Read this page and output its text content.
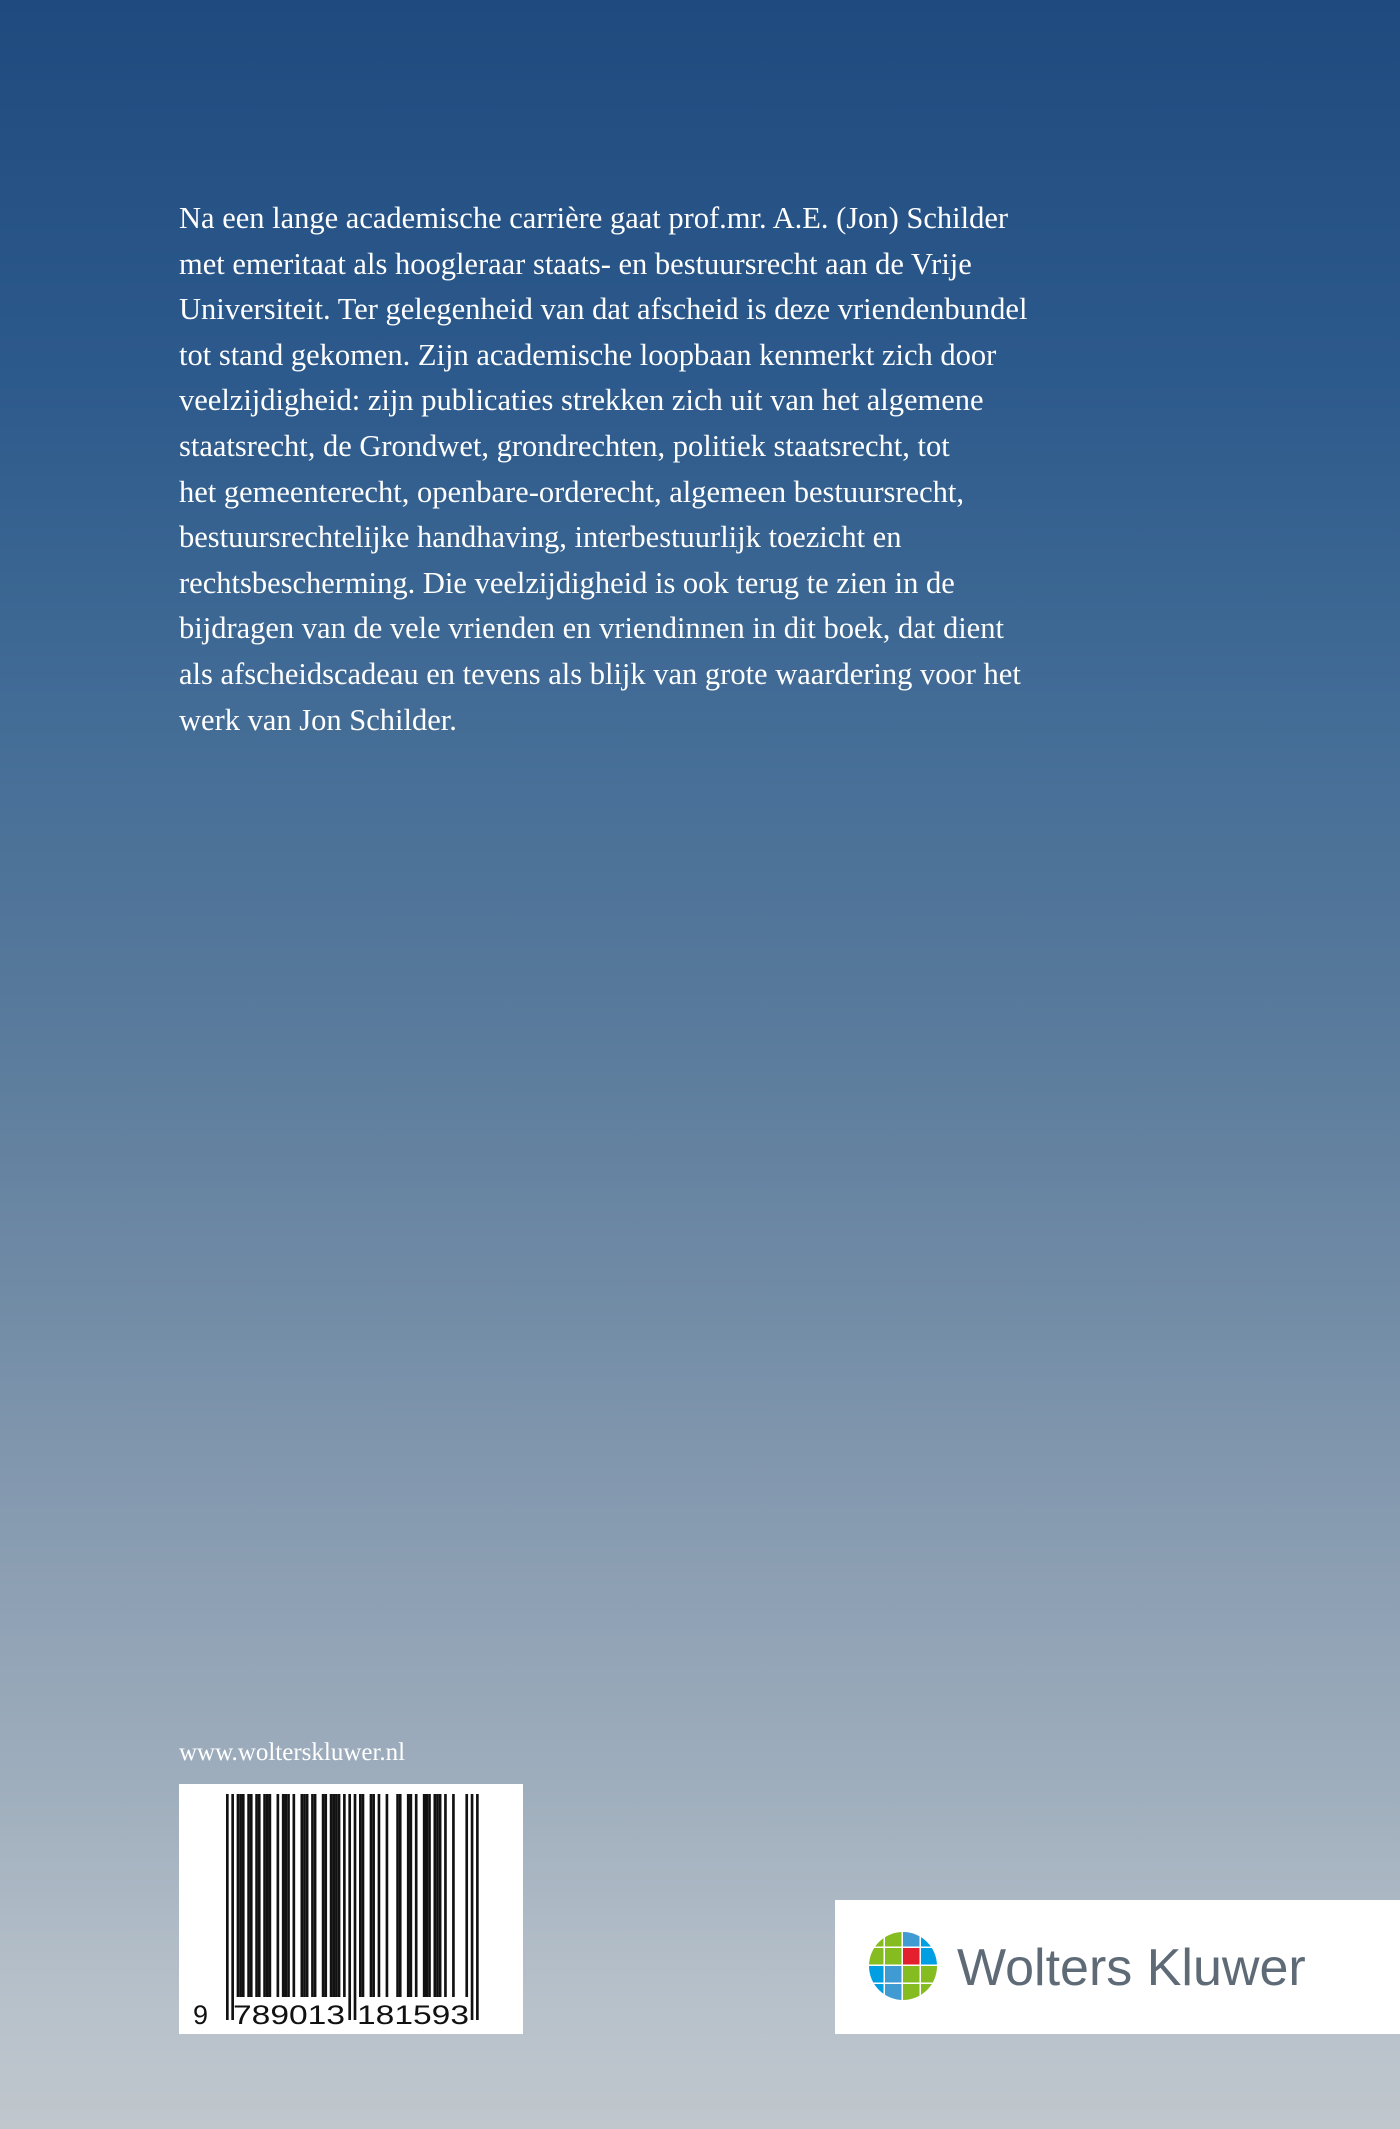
Na een lange academische carrière gaat prof.mr. A.E. (Jon) Schilder
met emeritaat als hoogleraar staats- en bestuursrecht aan de Vrije
Universiteit. Ter gelegenheid van dat afscheid is deze vriendenbundel
tot stand gekomen. Zijn academische loopbaan kenmerkt zich door
veelzijdigheid: zijn publicaties strekken zich uit van het algemene
staatsrecht, de Grondwet, grondrechten, politiek staatsrecht, tot
het gemeenterecht, openbare-orderecht, algemeen bestuursrecht,
bestuursrechtelijke handhaving, interbestuurlijk toezicht en
rechtsbescherming. Die veelzijdigheid is ook terug te zien in de
bijdragen van de vele vrienden en vriendinnen in dit boek, dat dient
als afscheidscadeau en tevens als blijk van grote waardering voor het
werk van Jon Schilder.
www.wolterskluwer.nl
9 789013 181593
Wolters Kluwer
